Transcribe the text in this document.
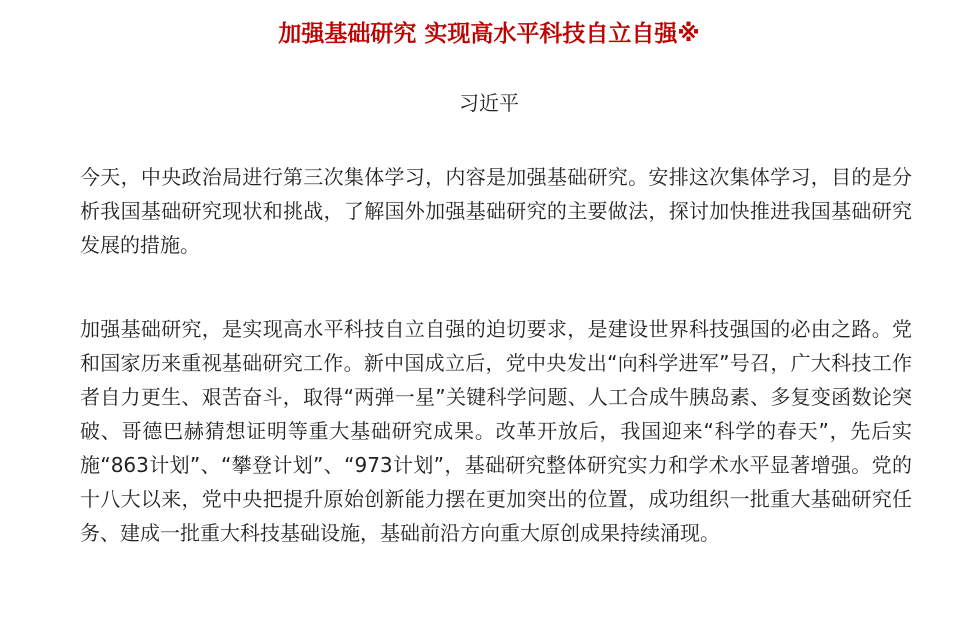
加强基础研究 实现高水平科技自立自强※
习近平

今天，中央政治局进行第三次集体学习，内容是加强基础研究。安排这次集体学习，目的是分析我国基础研究现状和挑战，了解国外加强基础研究的主要做法，探讨加快推进我国基础研究发展的措施。

加强基础研究，是实现高水平科技自立自强的迫切要求，是建设世界科技强国的必由之路。党和国家历来重视基础研究工作。新中国成立后，党中央发出“向科学进军”号召，广大科技工作者自力更生、艰苦奋斗，取得“两弹一星”关键科学问题、人工合成牛胰岛素、多复变函数论突破、哥德巴赫猜想证明等重大基础研究成果。改革开放后，我国迎来“科学的春天”，先后实施“863计划”、“攀登计划”、“973计划”，基础研究整体研究实力和学术水平显著增强。党的十八大以来，党中央把提升原始创新能力摆在更加突出的位置，成功组织一批重大基础研究任务、建成一批重大科技基础设施，基础前沿方向重大原创成果持续涌现。
